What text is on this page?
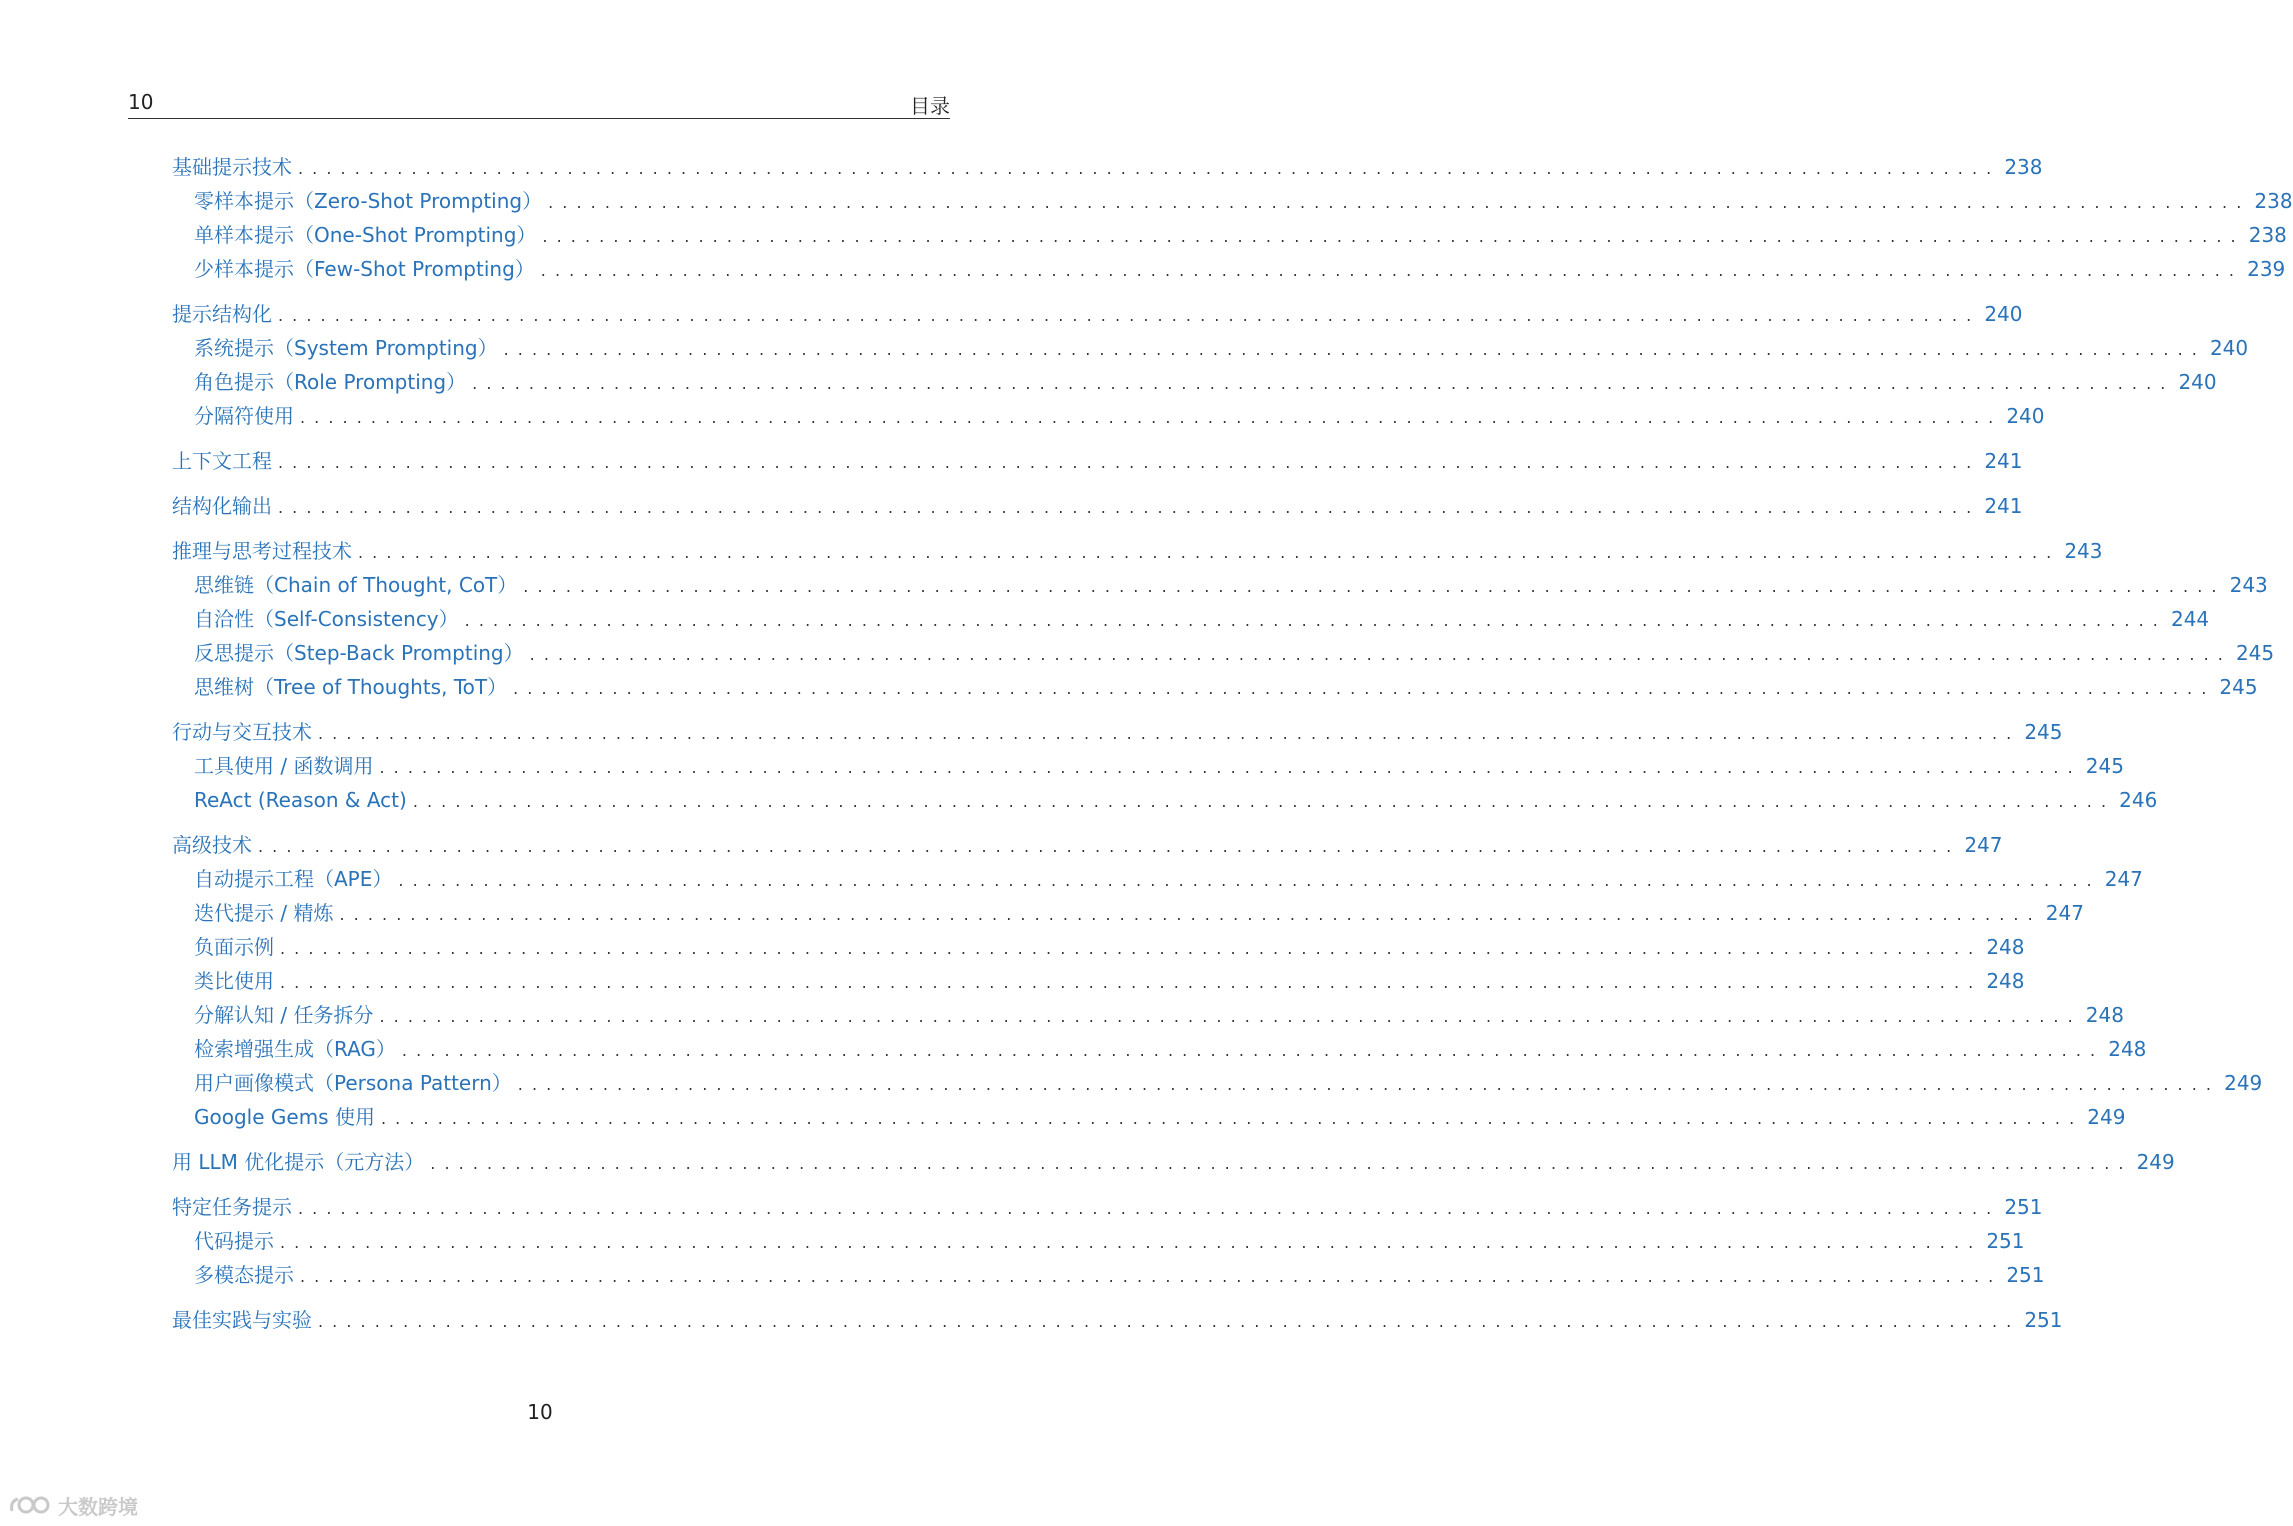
10	目录
基础提示技术 ........................................................................................................................ 238
零样本提示（Zero-Shot Prompting） ........................................................................................................................ 238
单样本提示（One-Shot Prompting） ........................................................................................................................ 238
少样本提示（Few-Shot Prompting） ........................................................................................................................ 239
提示结构化 ........................................................................................................................ 240
系统提示（System Prompting） ........................................................................................................................ 240
角色提示（Role Prompting） ........................................................................................................................ 240
分隔符使用 ........................................................................................................................ 240
上下文工程 ........................................................................................................................ 241
结构化输出 ........................................................................................................................ 241
推理与思考过程技术 ........................................................................................................................ 243
思维链（Chain of Thought, CoT） ........................................................................................................................ 243
自洽性（Self-Consistency） ........................................................................................................................ 244
反思提示（Step-Back Prompting） ........................................................................................................................ 245
思维树（Tree of Thoughts, ToT） ........................................................................................................................ 245
行动与交互技术 ........................................................................................................................ 245
工具使用 / 函数调用 ........................................................................................................................ 245
ReAct (Reason & Act) ........................................................................................................................ 246
高级技术 ........................................................................................................................ 247
自动提示工程（APE） ........................................................................................................................ 247
迭代提示 / 精炼 ........................................................................................................................ 247
负面示例 ........................................................................................................................ 248
类比使用 ........................................................................................................................ 248
分解认知 / 任务拆分 ........................................................................................................................ 248
检索增强生成（RAG） ........................................................................................................................ 248
用户画像模式（Persona Pattern） ........................................................................................................................ 249
Google Gems 使用 ........................................................................................................................ 249
用 LLM 优化提示（元方法） ........................................................................................................................ 249
特定任务提示 ........................................................................................................................ 251
代码提示 ........................................................................................................................ 251
多模态提示 ........................................................................................................................ 251
最佳实践与实验 ........................................................................................................................ 251
10
大数跨境
